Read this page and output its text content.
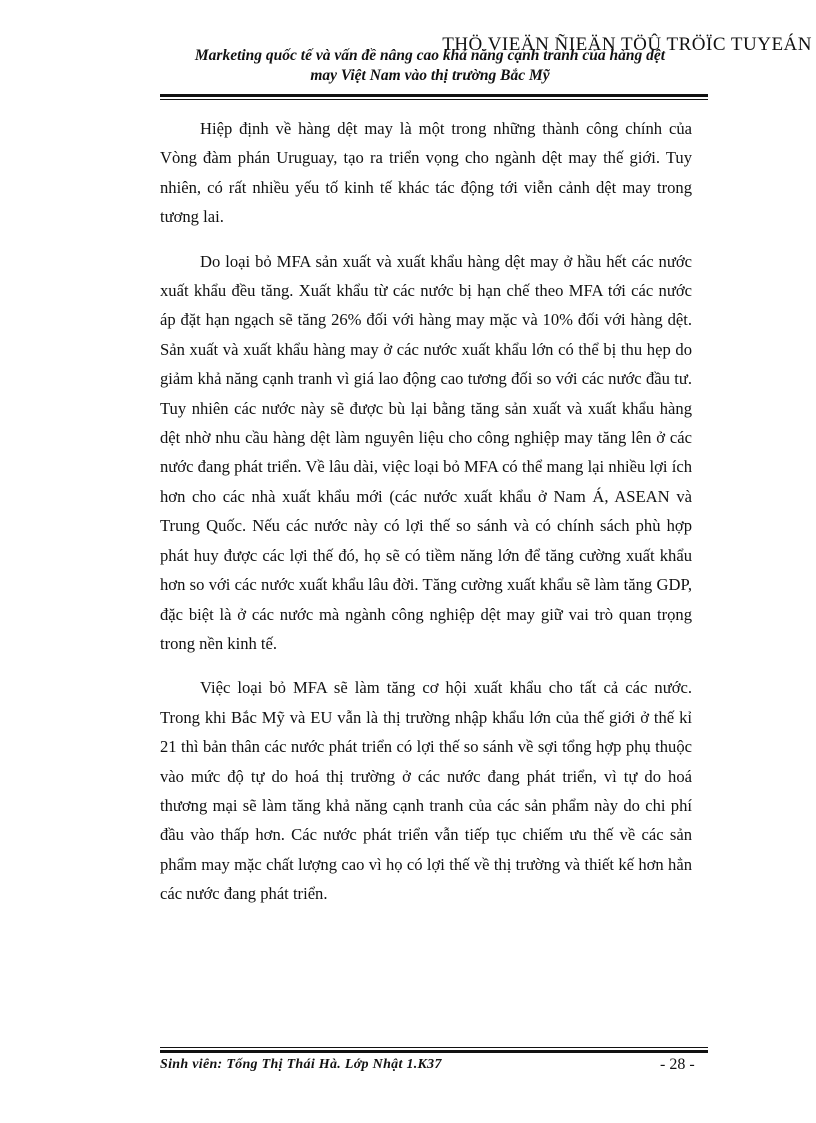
THÖ VIEÄN ÑIEÄN TÖÛ TRÖÏC TUYEÁN
Marketing quốc tế và vấn đề nâng cao khả năng cạnh tranh của hàng dệt
may Việt Nam vào thị trường Bắc Mỹ

Hiệp định về hàng dệt may là một trong những thành công chính của Vòng đàm phán Uruguay, tạo ra triển vọng cho ngành dệt may thế giới. Tuy nhiên, có rất nhiều yếu tố kinh tế khác tác động tới viễn cảnh dệt may trong tương lai.

Do loại bỏ MFA sản xuất và xuất khẩu hàng dệt may ở hầu hết các nước xuất khẩu đều tăng. Xuất khẩu từ các nước bị hạn chế theo MFA tới các nước áp đặt hạn ngạch sẽ tăng 26% đối với hàng may mặc và 10% đối với hàng dệt. Sản xuất và xuất khẩu hàng may ở các nước xuất khẩu lớn có thể bị thu hẹp do giảm khả năng cạnh tranh vì giá lao động cao tương đối so với các nước đầu tư. Tuy nhiên các nước này sẽ được bù lại bằng tăng sản xuất và xuất khẩu hàng dệt nhờ nhu cầu hàng dệt làm nguyên liệu cho công nghiệp may tăng lên ở các nước đang phát triển. Về lâu dài, việc loại bỏ MFA có thể mang lại nhiều lợi ích hơn cho các nhà xuất khẩu mới (các nước xuất khẩu ở Nam Á, ASEAN và Trung Quốc. Nếu các nước này có lợi thế so sánh và có chính sách phù hợp phát huy được các lợi thế đó, họ sẽ có tiềm năng lớn để tăng cường xuất khẩu hơn so với các nước xuất khẩu lâu đời. Tăng cường xuất khẩu sẽ làm tăng GDP, đặc biệt là ở các nước mà ngành công nghiệp dệt may giữ vai trò quan trọng trong nền kinh tế.

Việc loại bỏ MFA sẽ làm tăng cơ hội xuất khẩu cho tất cả các nước. Trong khi Bắc Mỹ và EU vẫn là thị trường nhập khẩu lớn của thế giới ở thế kỉ 21 thì bản thân các nước phát triển có lợi thế so sánh về sợi tổng hợp phụ thuộc vào mức độ tự do hoá thị trường ở các nước đang phát triển, vì tự do hoá thương mại sẽ làm tăng khả năng cạnh tranh của các sản phẩm này do chi phí đầu vào thấp hơn. Các nước phát triển vẫn tiếp tục chiếm ưu thế về các sản phẩm may mặc chất lượng cao vì họ có lợi thế về thị trường và thiết kế hơn hẳn các nước đang phát triển.

Sinh viên: Tống Thị Thái Hà. Lớp Nhật 1.K37	- 28 -
